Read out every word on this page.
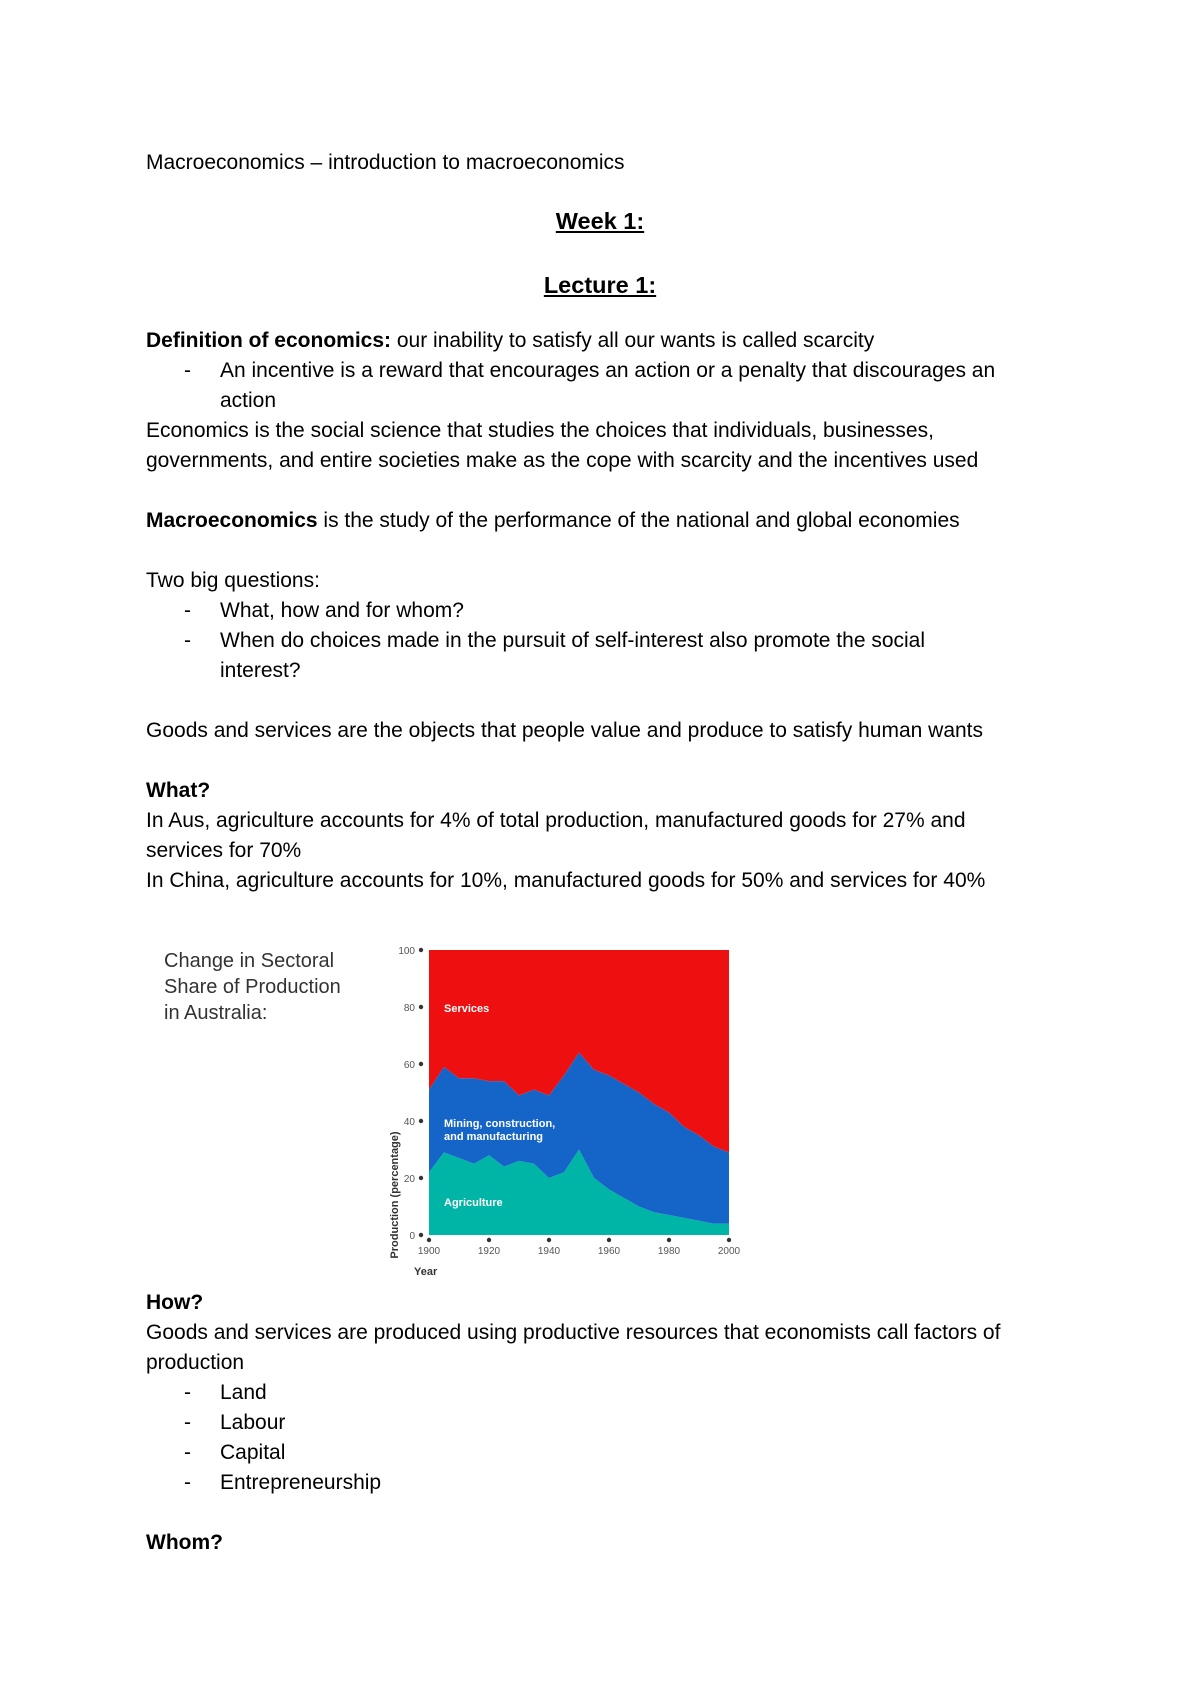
Macroeconomics – introduction to macroeconomics

Week 1:

Lecture 1:

Definition of economics: our inability to satisfy all our wants is called scarcity

-	An incentive is a reward that encourages an action or a penalty that discourages an
action

Economics is the social science that studies the choices that individuals, businesses,

governments, and entire societies make as the cope with scarcity and the incentives used

Macroeconomics is the study of the performance of the national and global economies

Two big questions:

-	What, how and for whom?
-	When do choices made in the pursuit of self-interest also promote the social
interest?

Goods and services are the objects that people value and produce to satisfy human wants

What?

In Aus, agriculture accounts for 4% of total production, manufactured goods for 27% and

services for 70%

In China, agriculture accounts for 10%, manufactured goods for 50% and services for 40%

Change in Sectoral
Share of Production
in Australia:
0
20
40
60
80
100
1900	1920	1940	1960	1980	2000
Services
Mining, construction,
and manufacturing
Agriculture
Year
Production (percentage)

How?

Goods and services are produced using productive resources that economists call factors of

production

-	Land
-	Labour
-	Capital
-	Entrepreneurship

Whom?
